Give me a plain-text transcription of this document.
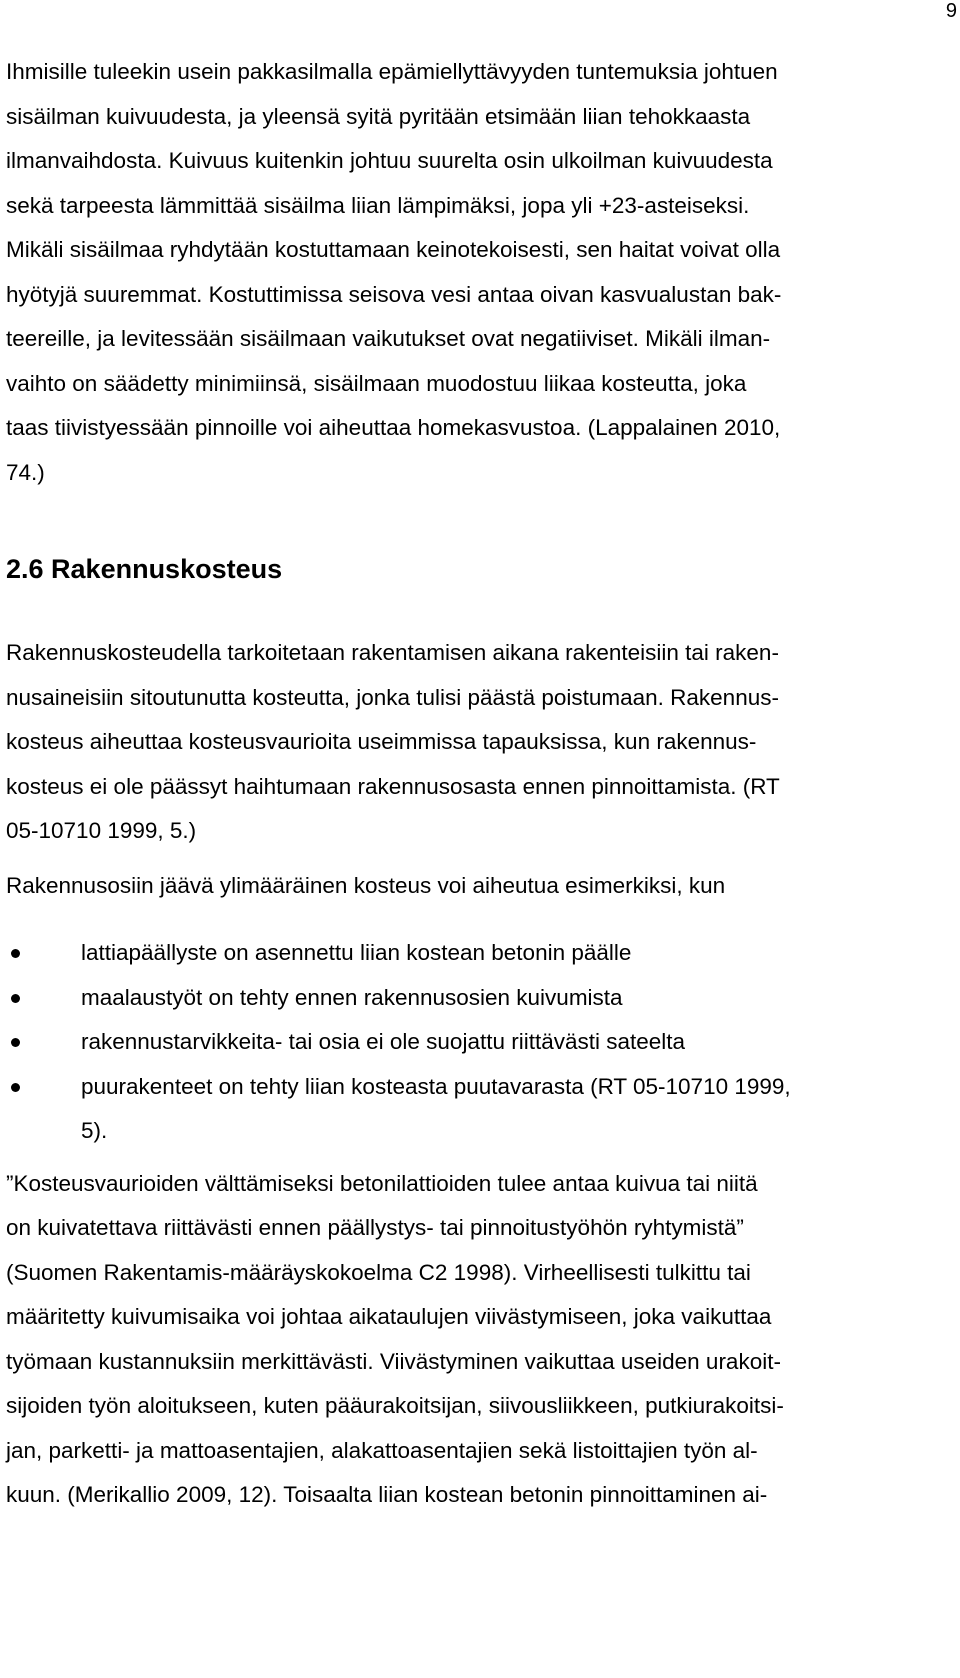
9

Ihmisille tuleekin usein pakkasilmalla epämiellyttävyyden tuntemuksia johtuen
sisäilman kuivuudesta, ja yleensä syitä pyritään etsimään liian tehokkaasta
ilmanvaihdosta. Kuivuus kuitenkin johtuu suurelta osin ulkoilman kuivuudesta
sekä tarpeesta lämmittää sisäilma liian lämpimäksi, jopa yli +23-asteiseksi.
Mikäli sisäilmaa ryhdytään kostuttamaan keinotekoisesti, sen haitat voivat olla
hyötyjä suuremmat. Kostuttimissa seisova vesi antaa oivan kasvualustan bak-
teereille, ja levitessään sisäilmaan vaikutukset ovat negatiiviset. Mikäli ilman-
vaihto on säädetty minimiinsä, sisäilmaan muodostuu liikaa kosteutta, joka
taas tiivistyessään pinnoille voi aiheuttaa homekasvustoa. (Lappalainen 2010,
74.)

2.6 Rakennuskosteus

Rakennuskosteudella tarkoitetaan rakentamisen aikana rakenteisiin tai raken-
nusaineisiin sitoutunutta kosteutta, jonka tulisi päästä poistumaan. Rakennus-
kosteus aiheuttaa kosteusvaurioita useimmissa tapauksissa, kun rakennus-
kosteus ei ole päässyt haihtumaan rakennusosasta ennen pinnoittamista. (RT
05-10710 1999, 5.)

Rakennusosiin jäävä ylimääräinen kosteus voi aiheutua esimerkiksi, kun

lattiapäällyste on asennettu liian kostean betonin päälle
maalaustyöt on tehty ennen rakennusosien kuivumista
rakennustarvikkeita- tai osia ei ole suojattu riittävästi sateelta
puurakenteet on tehty liian kosteasta puutavarasta (RT 05-10710 1999,
5).

”Kosteusvaurioiden välttämiseksi betonilattioiden tulee antaa kuivua tai niitä
on kuivatettava riittävästi ennen päällystys- tai pinnoitustyöhön ryhtymistä”
(Suomen Rakentamis-määräyskokoelma C2 1998). Virheellisesti tulkittu tai
määritetty kuivumisaika voi johtaa aikataulujen viivästymiseen, joka vaikuttaa
työmaan kustannuksiin merkittävästi. Viivästyminen vaikuttaa useiden urakoit-
sijoiden työn aloitukseen, kuten pääurakoitsijan, siivousliikkeen, putkiurakoitsi-
jan, parketti- ja mattoasentajien, alakattoasentajien sekä listoittajien työn al-
kuun. (Merikallio 2009, 12). Toisaalta liian kostean betonin pinnoittaminen ai-
